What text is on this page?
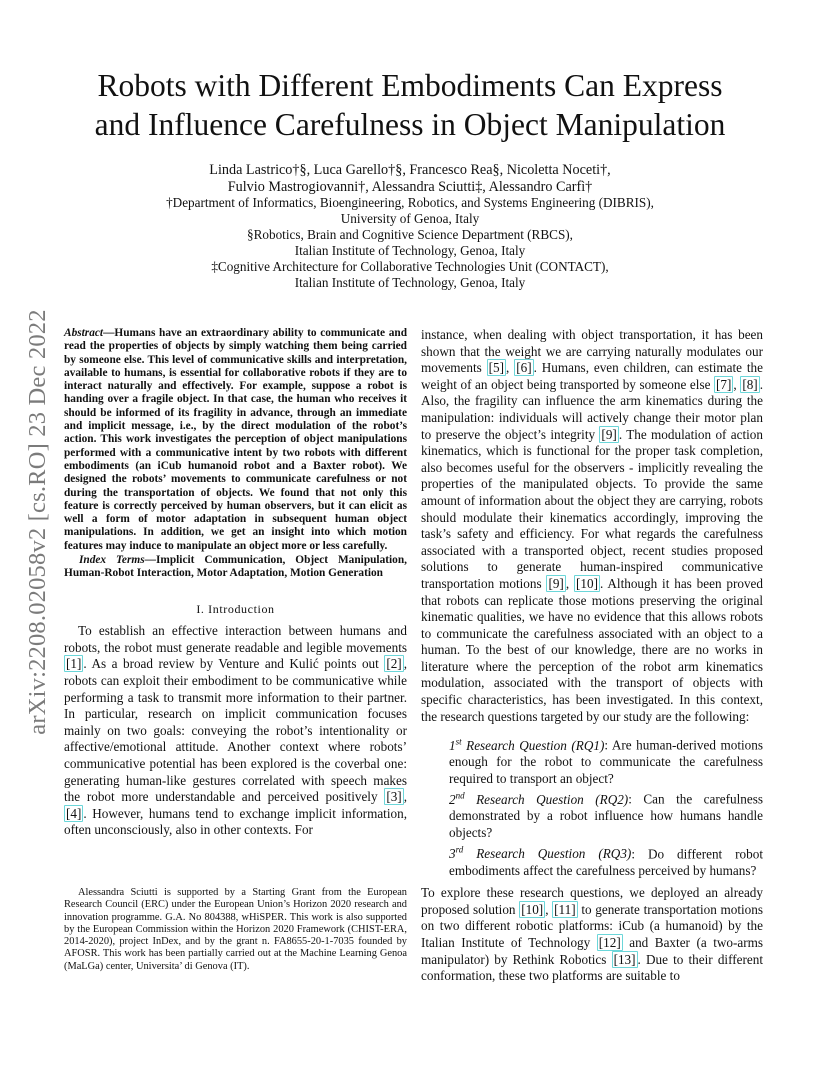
arXiv:2208.02058v2 [cs.RO] 23 Dec 2022
Robots with Different Embodiments Can Express
and Influence Carefulness in Object Manipulation
Linda Lastrico†§, Luca Garello†§, Francesco Rea§, Nicoletta Noceti†,
Fulvio Mastrogiovanni†, Alessandra Sciutti‡, Alessandro Carfì†
†Department of Informatics, Bioengineering, Robotics, and Systems Engineering (DIBRIS),
University of Genoa, Italy
§Robotics, Brain and Cognitive Science Department (RBCS),
Italian Institute of Technology, Genoa, Italy
‡Cognitive Architecture for Collaborative Technologies Unit (CONTACT),
Italian Institute of Technology, Genoa, Italy

Abstract—Humans have an extraordinary ability to communicate and read the properties of objects by simply watching them being carried by someone else. This level of communicative skills and interpretation, available to humans, is essential for collaborative robots if they are to interact naturally and effectively. For example, suppose a robot is handing over a fragile object. In that case, the human who receives it should be informed of its fragility in advance, through an immediate and implicit message, i.e., by the direct modulation of the robot’s action. This work investigates the perception of object manipulations performed with a communicative intent by two robots with different embodiments (an iCub humanoid robot and a Baxter robot). We designed the robots’ movements to communicate carefulness or not during the transportation of objects. We found that not only this feature is correctly perceived by human observers, but it can elicit as well a form of motor adaptation in subsequent human object manipulations. In addition, we get an insight into which motion features may induce to manipulate an object more or less carefully.

Index Terms—Implicit Communication, Object Manipulation, Human-Robot Interaction, Motor Adaptation, Motion Generation

I. Introduction

To establish an effective interaction between humans and robots, the robot must generate readable and legible movements [1] . As a broad review by Venture and Kulić points out [2] , robots can exploit their embodiment to be communicative while performing a task to transmit more information to their partner. In particular, research on implicit communication focuses mainly on two goals: conveying the robot’s intentionality or affective/emotional attitude. Another context where robots’ communicative potential has been explored is the coverbal one: generating human-like gestures correlated with speech makes the robot more understandable and perceived positively [3] , [4] . However, humans tend to exchange implicit information, often unconsciously, also in other contexts. For

Alessandra Sciutti is supported by a Starting Grant from the European Research Council (ERC) under the European Union’s Horizon 2020 research and innovation programme. G.A. No 804388, wHiSPER. This work is also supported by the European Commission within the Horizon 2020 Framework (CHIST-ERA, 2014-2020), project InDex, and by the grant n. FA8655-20-1-7035 founded by AFOSR. This work has been partially carried out at the Machine Learning Genoa (MaLGa) center, Universita’ di Genova (IT).

instance, when dealing with object transportation, it has been shown that the weight we are carrying naturally modulates our movements [5] , [6] . Humans, even children, can estimate the weight of an object being transported by someone else [7] , [8] . Also, the fragility can influence the arm kinematics during the manipulation: individuals will actively change their motor plan to preserve the object’s integrity [9] . The modulation of action kinematics, which is functional for the proper task completion, also becomes useful for the observers - implicitly revealing the properties of the manipulated objects. To provide the same amount of information about the object they are carrying, robots should modulate their kinematics accordingly, improving the task’s safety and efficiency. For what regards the carefulness associated with a transported object, recent studies proposed solutions to generate human-inspired communicative transportation motions [9] , [10] . Although it has been proved that robots can replicate those motions preserving the original kinematic qualities, we have no evidence that this allows robots to communicate the carefulness associated with an object to a human. To the best of our knowledge, there are no works in literature where the perception of the robot arm kinematics modulation, associated with the transport of objects with specific characteristics, has been investigated. In this context, the research questions targeted by our study are the following:

1st Research Question (RQ1): Are human-derived motions enough for the robot to communicate the carefulness required to transport an object?

2nd Research Question (RQ2): Can the carefulness demonstrated by a robot influence how humans handle objects?

3rd Research Question (RQ3): Do different robot embodiments affect the carefulness perceived by humans?

To explore these research questions, we deployed an already proposed solution [10] , [11] to generate transportation motions on two different robotic platforms: iCub (a humanoid) by the Italian Institute of Technology [12] and Baxter (a two-arms manipulator) by Rethink Robotics [13] . Due to their different conformation, these two platforms are suitable to
